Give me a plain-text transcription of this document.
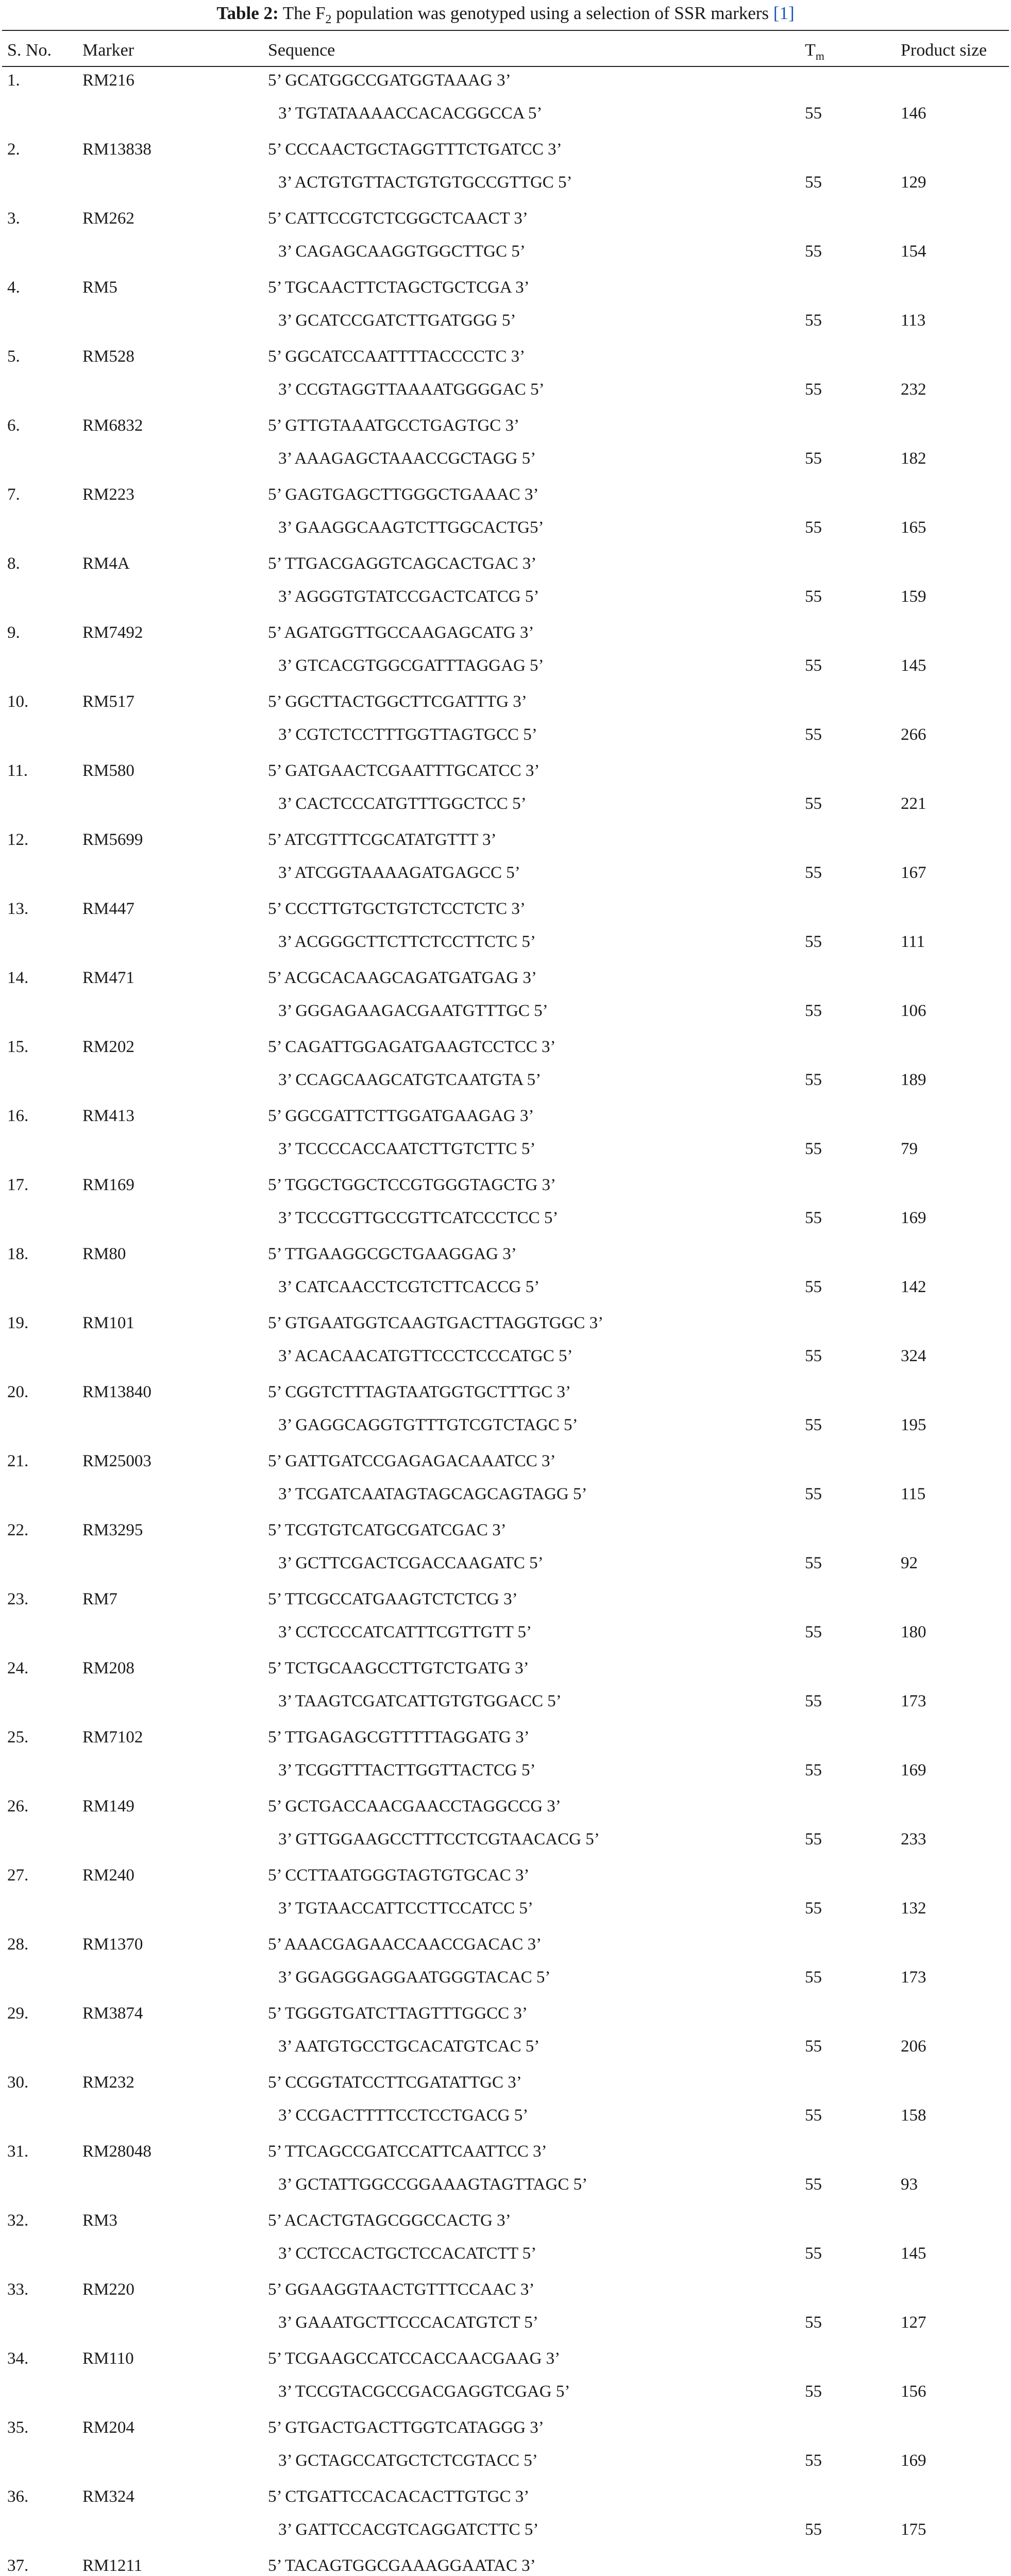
Table 2: The $F_2$ population was genotyped using a selection of SSR markers [1]
S. No. Marker	Sequence	$T_m$	Product size
1.	RM216	5’ GCATGGCCGATGGTAAAG 3’
3’ TGTATAAAACCACACGGCCA 5’	55	146
2.	RM13838	5’ CCCAACTGCTAGGTTTCTGATCC 3’
3’ ACTGTGTTACTGTGTGCCGTTGC 5’	55	129
3.	RM262	5’ CATTCCGTCTCGGCTCAACT 3’
3’ CAGAGCAAGGTGGCTTGC 5’	55	154
4.	RM5	5’ TGCAACTTCTAGCTGCTCGA 3’
3’ GCATCCGATCTTGATGGG 5’	55	113
5.	RM528	5’ GGCATCCAATTTTACCCCTC 3’
3’ CCGTAGGTTAAAATGGGGAC 5’	55	232
6.	RM6832	5’ GTTGTAAATGCCTGAGTGC 3’
3’ AAAGAGCTAAACCGCTAGG 5’	55	182
7.	RM223	5’ GAGTGAGCTTGGGCTGAAAC 3’
3’ GAAGGCAAGTCTTGGCACTG5’	55	165
8.	RM4A	5’ TTGACGAGGTCAGCACTGAC 3’
3’ AGGGTGTATCCGACTCATCG 5’	55	159
9.	RM7492	5’ AGATGGTTGCCAAGAGCATG 3’
3’ GTCACGTGGCGATTTAGGAG 5’	55	145
10.	RM517	5’ GGCTTACTGGCTTCGATTTG 3’
3’ CGTCTCCTTTGGTTAGTGCC 5’	55	266
11.	RM580	5’ GATGAACTCGAATTTGCATCC 3’
3’ CACTCCCATGTTTGGCTCC 5’	55	221
12.	RM5699	5’ ATCGTTTCGCATATGTTT 3’
3’ ATCGGTAAAAGATGAGCC 5’	55	167
13.	RM447	5’ CCCTTGTGCTGTCTCCTCTC 3’
3’ ACGGGCTTCTTCTCCTTCTC 5’	55	111
14.	RM471	5’ ACGCACAAGCAGATGATGAG 3’
3’ GGGAGAAGACGAATGTTTGC 5’	55	106
15.	RM202	5’ CAGATTGGAGATGAAGTCCTCC 3’
3’ CCAGCAAGCATGTCAATGTA 5’	55	189
16.	RM413	5’ GGCGATTCTTGGATGAAGAG 3’
3’ TCCCCACCAATCTTGTCTTC 5’	55	79
17.	RM169	5’ TGGCTGGCTCCGTGGGTAGCTG 3’
3’ TCCCGTTGCCGTTCATCCCTCC 5’	55	169
18.	RM80	5’ TTGAAGGCGCTGAAGGAG 3’
3’ CATCAACCTCGTCTTCACCG 5’	55	142
19.	RM101	5’ GTGAATGGTCAAGTGACTTAGGTGGC 3’
3’ ACACAACATGTTCCCTCCCATGC 5’	55	324
20.	RM13840	5’ CGGTCTTTAGTAATGGTGCTTTGC 3’
3’ GAGGCAGGTGTTTGTCGTCTAGC 5’	55	195
21.	RM25003	5’ GATTGATCCGAGAGACAAATCC 3’
3’ TCGATCAATAGTAGCAGCAGTAGG 5’	55	115
22.	RM3295	5’ TCGTGTCATGCGATCGAC 3’
3’ GCTTCGACTCGACCAAGATC 5’	55	92
23.	RM7	5’ TTCGCCATGAAGTCTCTCG 3’
3’ CCTCCCATCATTTCGTTGTT 5’	55	180
24.	RM208	5’ TCTGCAAGCCTTGTCTGATG 3’
3’ TAAGTCGATCATTGTGTGGACC 5’	55	173
25.	RM7102	5’ TTGAGAGCGTTTTTAGGATG 3’
3’ TCGGTTTACTTGGTTACTCG 5’	55	169
26.	RM149	5’ GCTGACCAACGAACCTAGGCCG 3’
3’ GTTGGAAGCCTTTCCTCGTAACACG 5’	55	233
27.	RM240	5’ CCTTAATGGGTAGTGTGCAC 3’
3’ TGTAACCATTCCTTCCATCC 5’	55	132
28.	RM1370	5’ AAACGAGAACCAACCGACAC 3’
3’ GGAGGGAGGAATGGGTACAC 5’	55	173
29.	RM3874	5’ TGGGTGATCTTAGTTTGGCC 3’
3’ AATGTGCCTGCACATGTCAC 5’	55	206
30.	RM232	5’ CCGGTATCCTTCGATATTGC 3’
3’ CCGACTTTTCCTCCTGACG 5’	55	158
31.	RM28048	5’ TTCAGCCGATCCATTCAATTCC 3’
3’ GCTATTGGCCGGAAAGTAGTTAGC 5’	55	93
32.	RM3	5’ ACACTGTAGCGGCCACTG 3’
3’ CCTCCACTGCTCCACATCTT 5’	55	145
33.	RM220	5’ GGAAGGTAACTGTTTCCAAC 3’
3’ GAAATGCTTCCCACATGTCT 5’	55	127
34.	RM110	5’ TCGAAGCCATCCACCAACGAAG 3’
3’ TCCGTACGCCGACGAGGTCGAG 5’	55	156
35.	RM204	5’ GTGACTGACTTGGTCATAGGG 3’
3’ GCTAGCCATGCTCTCGTACC 5’	55	169
36.	RM324	5’ CTGATTCCACACACTTGTGC 3’
3’ GATTCCACGTCAGGATCTTC 5’	55	175
37.	RM1211	5’ TACAGTGGCGAAAGGAATAC 3’
